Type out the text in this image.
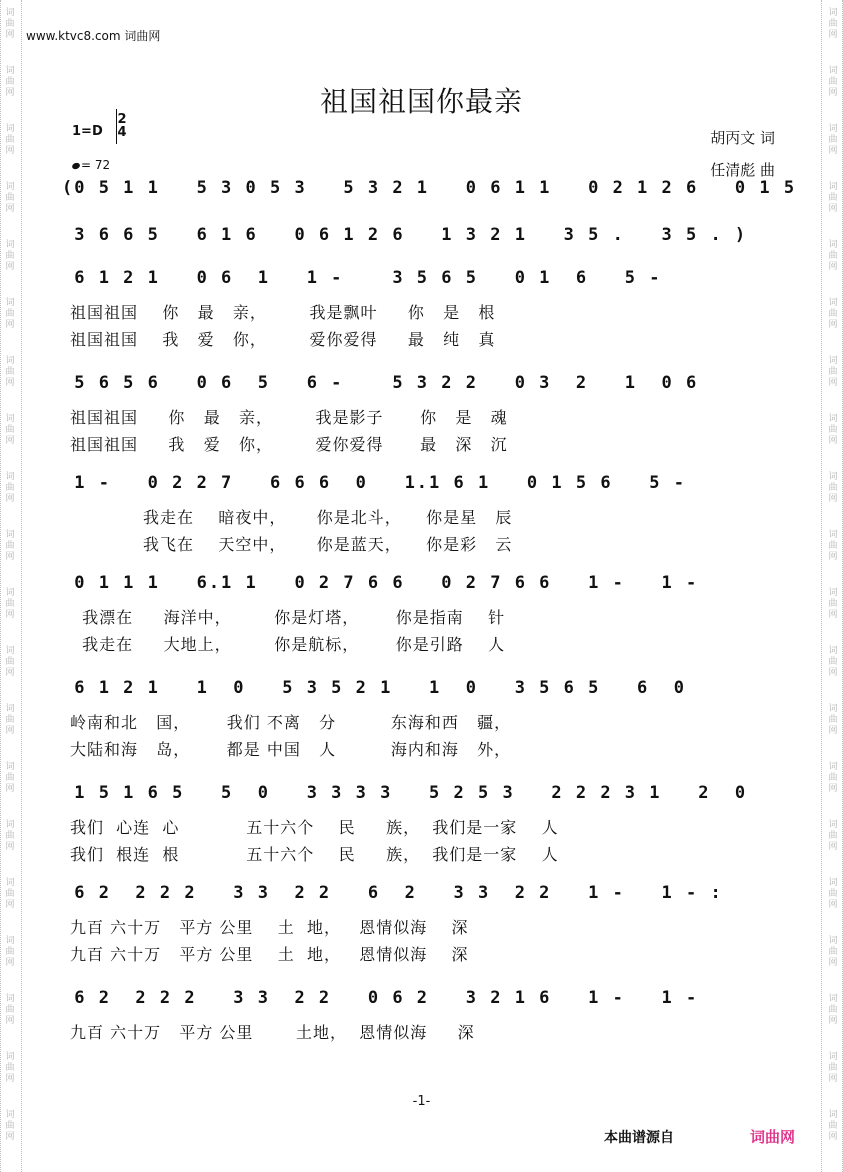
词 曲 网
词 曲 网
词 曲 网
词 曲 网
词 曲 网
词 曲 网
词 曲 网
词 曲 网
词 曲 网
词 曲 网
词 曲 网
词 曲 网
词 曲 网
词 曲 网
词 曲 网
词 曲 网
词 曲 网
词 曲 网
词 曲 网
词 曲 网
词 曲 网
词 曲 网
词 曲 网
词 曲 网
词 曲 网
词 曲 网
词 曲 网
词 曲 网
词 曲 网
词 曲 网
词 曲 网
词 曲 网
词 曲 网
词 曲 网
词 曲 网
词 曲 网
词 曲 网
词 曲 网
词 曲 网
词 曲 网
www.ktvc8.com 词曲网
祖国祖国你最亲
1=D
2
4
= 72
胡丙文 词
任清彪 曲
(0 5 1 1   5 3 0 5 3   5 3 2 1   0 6 1 1   0 2 1 2 6   0 1 5
3 6 6 5   6 1 6   0 6 1 2 6   1 3 2 1   3 5 .   3 5 . )
6 1 2 1   0 6  1   1 -    3 5 6 5   0 1  6   5 -
祖国祖国    你   最   亲，       我是飘叶     你   是   根
祖国祖国    我   爱   你，       爱你爱得     最   纯   真
5 6 5 6   0 6  5   6 -    5 3 2 2   0 3  2   1  0 6
祖国祖国     你   最   亲，       我是影子      你   是   魂
祖国祖国     我   爱   你，       爱你爱得      最   深   沉
1 -   0 2 2 7   6 6 6  0   1.1 6 1   0 1 5 6   5 -
我走在    暗夜中，     你是北斗，    你是星   辰
我飞在    天空中，     你是蓝天，    你是彩   云
0 1 1 1   6.1 1   0 2 7 6 6   0 2 7 6 6   1 -   1 -
我漂在     海洋中，       你是灯塔，      你是指南    针
我走在     大地上，       你是航标，      你是引路    人
6 1 2 1   1  0   5 3 5 2 1   1  0   3 5 6 5   6  0
岭南和北   国，      我们 不离   分         东海和西   疆，
大陆和海   岛，      都是 中国   人         海内和海   外，
1 5 1 6 5   5  0   3 3 3 3   5 2 5 3   2 2 2 3 1   2  0
我们  心连  心           五十六个    民     族，  我们是一家    人
我们  根连  根           五十六个    民     族，  我们是一家    人
6 2  2 2 2   3 3  2 2   6  2   3 3  2 2   1 -   1 - :
九百 六十万   平方 公里    土  地，   恩情似海    深
九百 六十万   平方 公里    土  地，   恩情似海    深
6 2  2 2 2   3 3  2 2   0 6 2   3 2 1 6   1 -   1 -
九百 六十万   平方 公里       土地，  恩情似海     深
-1-
本曲谱源自	词曲网
